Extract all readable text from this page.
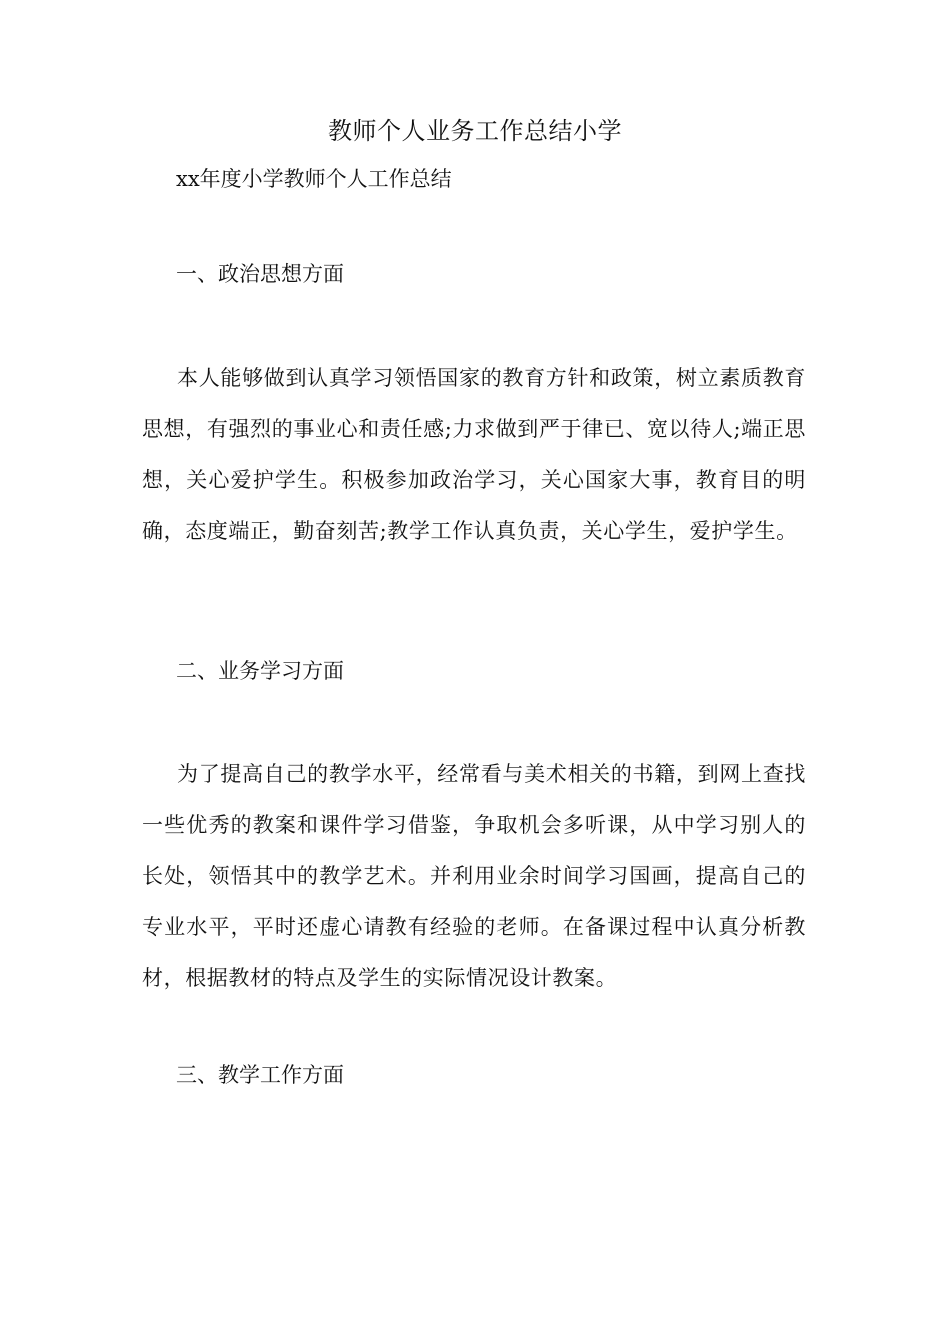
教师个人业务工作总结小学
xx年度小学教师个人工作总结
一、政治思想方面

本人能够做到认真学习领悟国家的教育方针和政策，树立素质教育思想，有强烈的事业心和责任感;力求做到严于律已、宽以待人;端正思想，关心爱护学生。积极参加政治学习，关心国家大事，教育目的明确，态度端正，勤奋刻苦;教学工作认真负责，关心学生，爱护学生。

二、业务学习方面

为了提高自己的教学水平，经常看与美术相关的书籍，到网上查找一些优秀的教案和课件学习借鉴，争取机会多听课，从中学习别人的长处，领悟其中的教学艺术。并利用业余时间学习国画，提高自己的专业水平，平时还虚心请教有经验的老师。在备课过程中认真分析教材，根据教材的特点及学生的实际情况设计教案。

三、教学工作方面
